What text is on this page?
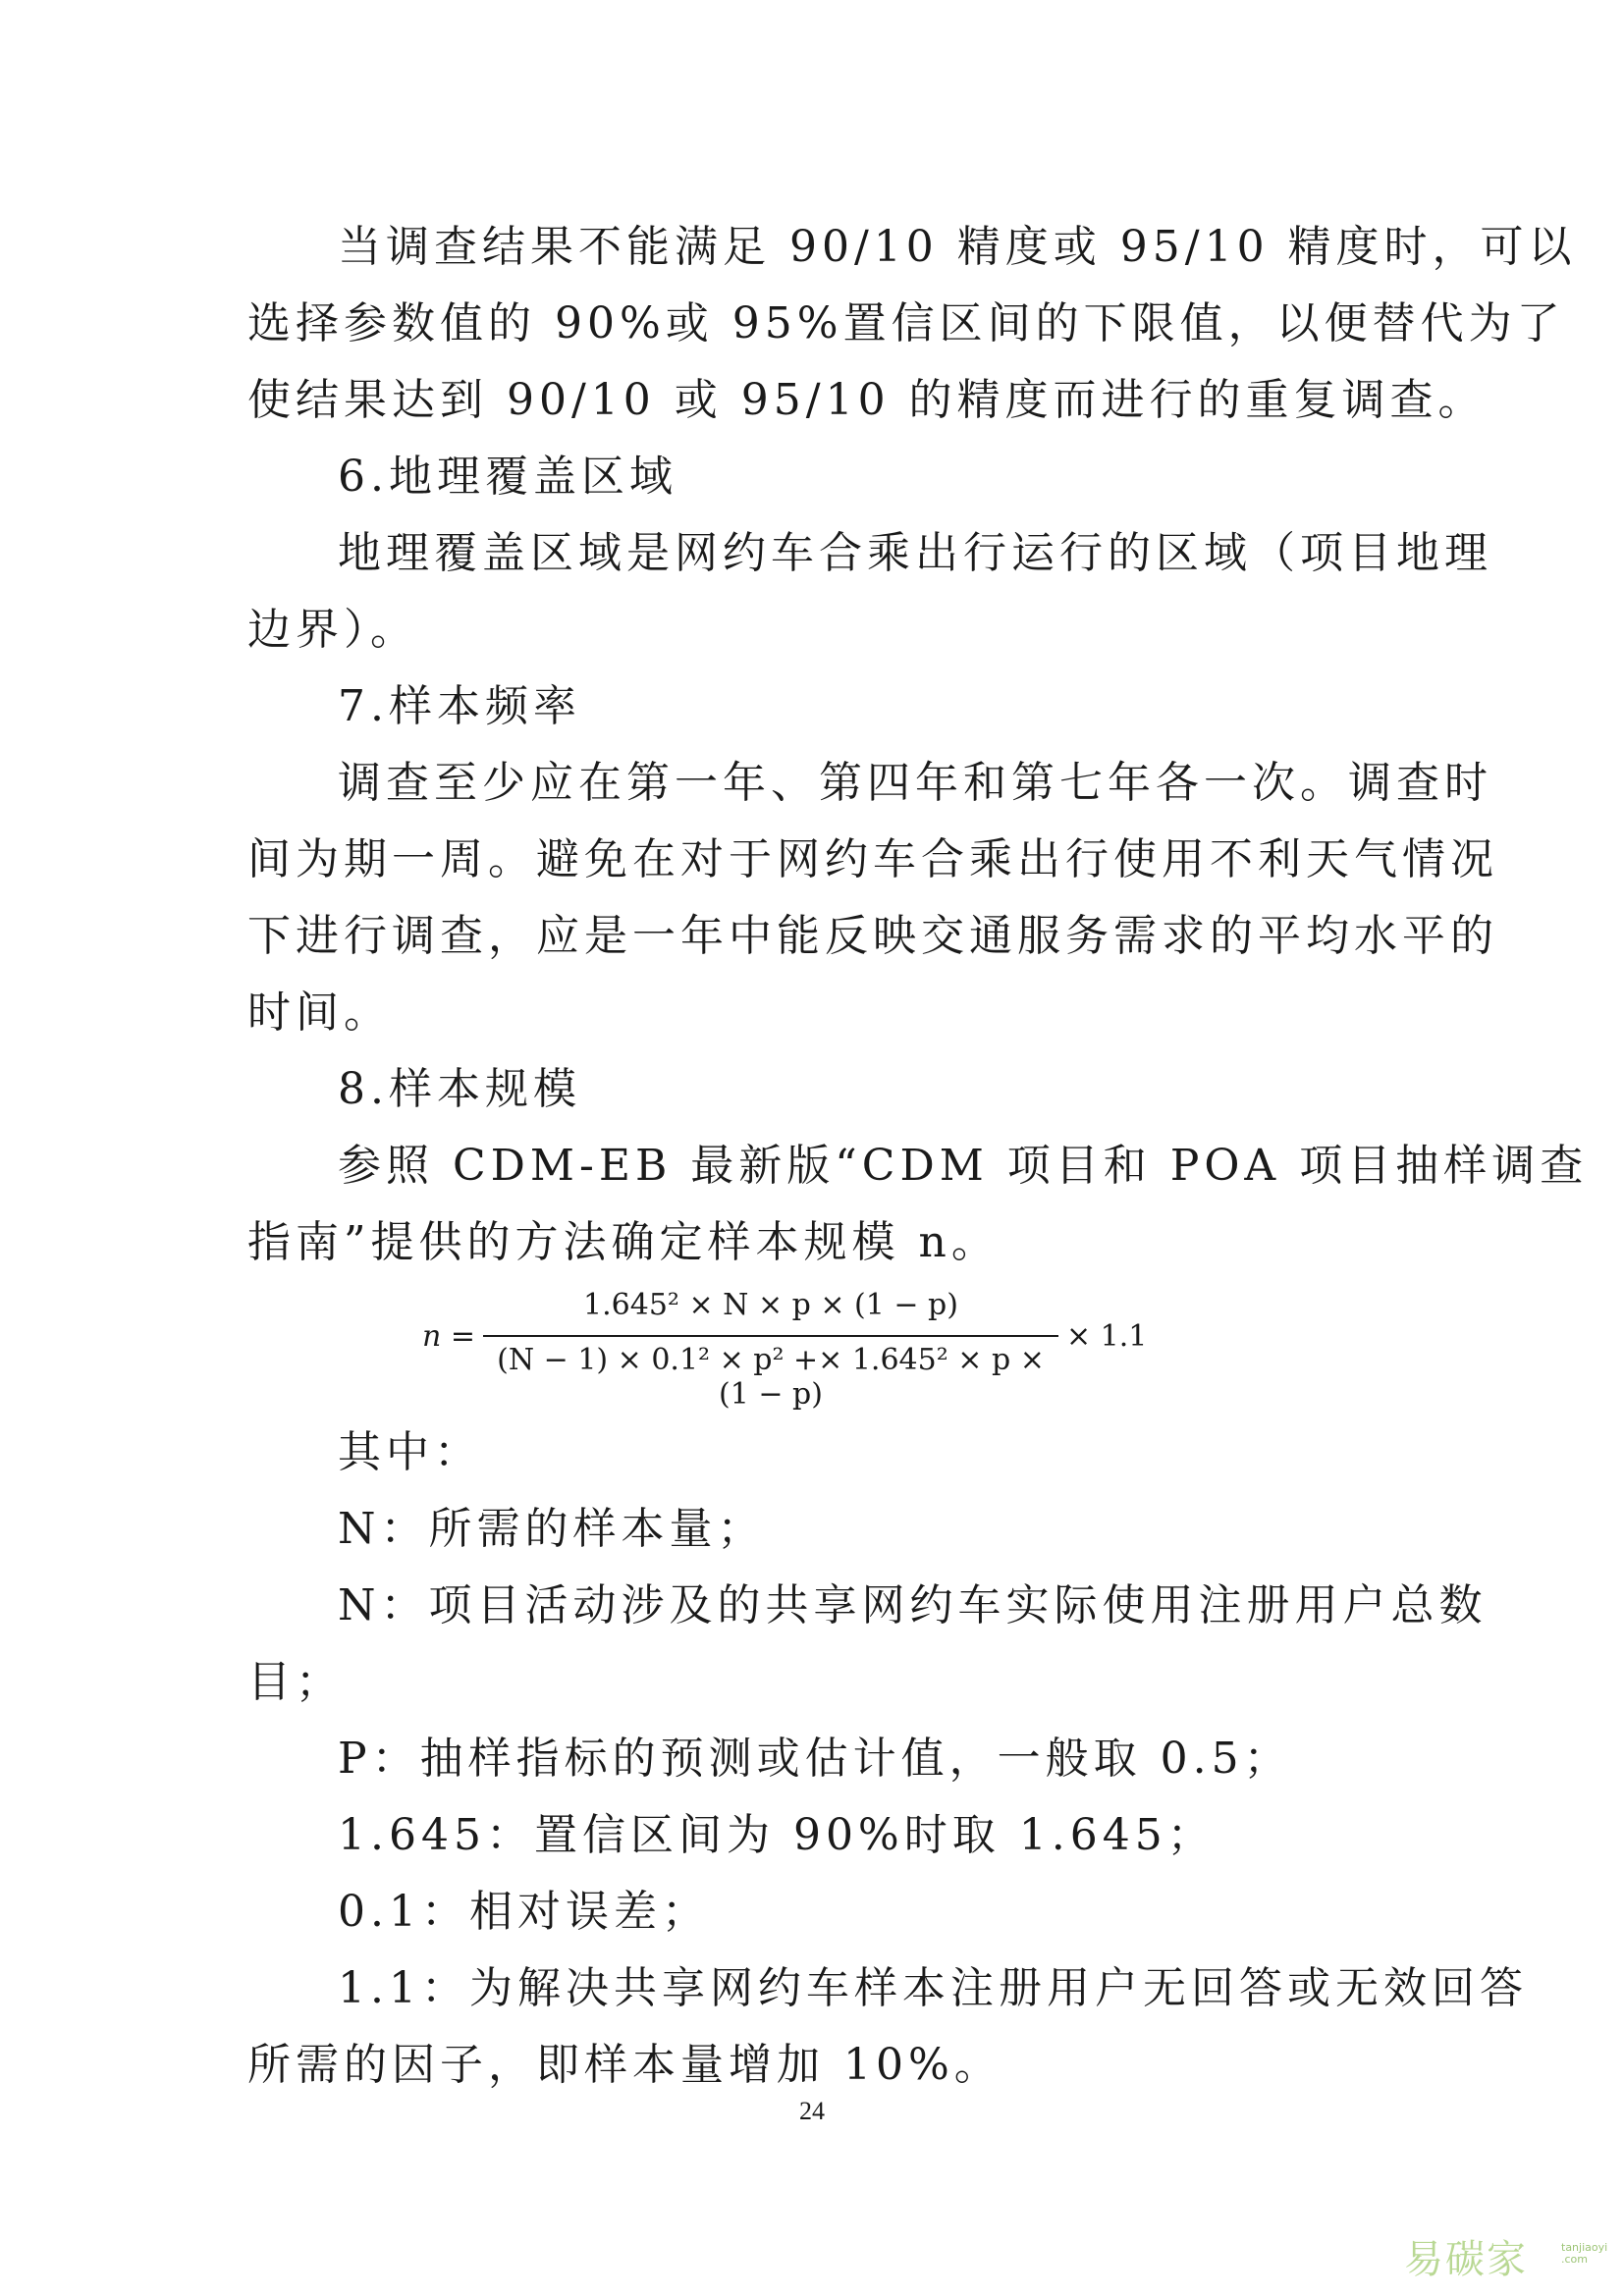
当调查结果不能满足 90/10 精度或 95/10 精度时，可以
选择参数值的 90%或 95%置信区间的下限值，以便替代为了
使结果达到 90/10 或 95/10 的精度而进行的重复调查。
6.地理覆盖区域
地理覆盖区域是网约车合乘出行运行的区域（项目地理
边界）。
7.样本频率
调查至少应在第一年、第四年和第七年各一次。调查时
间为期一周。避免在对于网约车合乘出行使用不利天气情况
下进行调查，应是一年中能反映交通服务需求的平均水平的
时间。
8.样本规模
参照 CDM-EB 最新版“CDM 项目和 POA 项目抽样调查
指南”提供的方法确定样本规模 n。
其中：
N：所需的样本量；
N：项目活动涉及的共享网约车实际使用注册用户总数
目；
P：抽样指标的预测或估计值，一般取 0.5；
1.645：置信区间为 90%时取 1.645；
0.1：相对误差；
1.1：为解决共享网约车样本注册用户无回答或无效回答
所需的因子，即样本量增加 10%。
n =
1.645² × N × p × (1 − p)
(N − 1) × 0.1² × p² +× 1.645² × p × (1 − p)
× 1.1
24
易碳家	tanjiaoyi
.com
